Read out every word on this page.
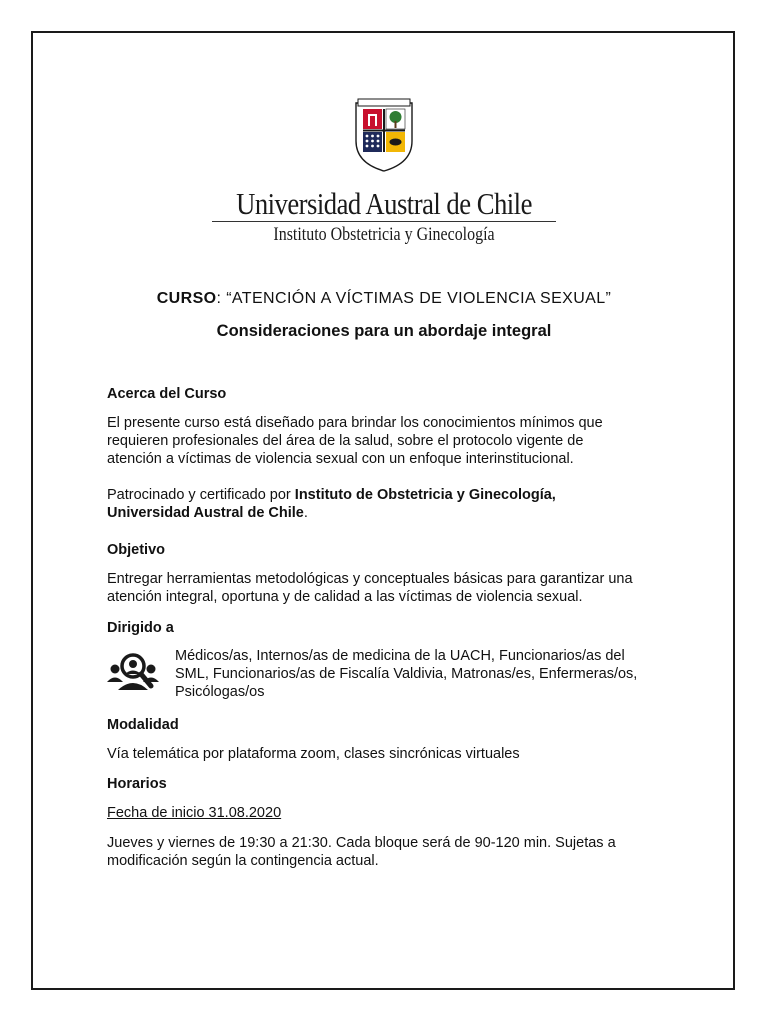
Universidad Austral de Chile
Instituto Obstetricia y Ginecología
CURSO: “ATENCIÓN A VÍCTIMAS DE VIOLENCIA SEXUAL”
Consideraciones para un abordaje integral
Acerca del Curso
El presente curso está diseñado para brindar los conocimientos mínimos que
requieren profesionales del área de la salud, sobre el protocolo vigente de
atención a víctimas de violencia sexual con un enfoque interinstitucional.
Patrocinado y certificado por Instituto de Obstetricia y Ginecología,
Universidad Austral de Chile.
Objetivo
Entregar herramientas metodológicas y conceptuales básicas para garantizar una
atención integral, oportuna y de calidad a las víctimas de violencia sexual.
Dirigido a
Médicos/as, Internos/as de medicina de la UACH, Funcionarios/as del
SML, Funcionarios/as de Fiscalía Valdivia, Matronas/es, Enfermeras/os,
Psicólogas/os
Modalidad
Vía telemática por plataforma zoom, clases sincrónicas virtuales
Horarios
Fecha de inicio 31.08.2020
Jueves y viernes de 19:30 a 21:30. Cada bloque será de 90-120 min. Sujetas a
modificación según la contingencia actual.
